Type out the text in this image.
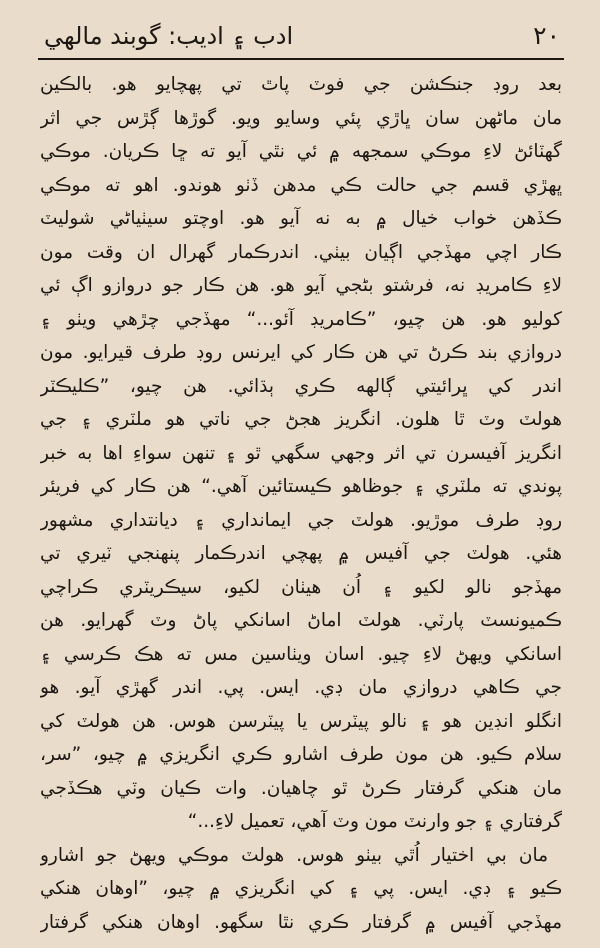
٢٠
ادب ۽ اديب: گوبند مالهي
بعد روڊ جنڪشن جي فوٽ پاٿ تي پهچايو هو. بالڪين
مان ماڻهن سان ڀاڙي پئي وسايو ويو. گوڙها ڳڙس جي اثر
گهٽائڻ لاءِ موڪي سمجهه ۾ ئي نٿي آيو ته ڇا ڪريان. موڪي
ڀهڙي قسم جي حالت ڪي مدهن ڏٺو هوندو. اهو ته موڪي
ڪڏهن خواب خيال ۾ به نه آيو هو. اوچتو سيٺياڻي شوليٽ
ڪار اچي مهڏجي اڳيان بيٺي. اندرڪمار گهرال ان وقت مون
لاءِ ڪامريڊ نه، فرشتو بڻجي آيو هو. هن ڪار جو دروازو اڳ ئي
کوليو هو. هن چيو، ”ڪامريڊ آئو...“ مهڏجي چڙهي ويٺو ۽
دروازي بند ڪرڻ تي هن ڪار کي ايرنس روڊ طرف قيرايو. مون
اندر کي ڀرائيتي ڳالهه ڪري ٻڌائي. هن چيو، ”ڪليڪٽر
هولٽ وٽ ٿا هلون. انگريز هجڻ جي ناتي هو ملٽري ۽ جي
انگريز آفيسرن تي اثر وجهي سگهي ٿو ۽ تنهن سواءِ اها به خبر
پوندي ته ملٽري ۽ جوظاهو ڪيستائين آهي.“ هن ڪار کي فريئر
روڊ طرف موڙيو. هولٽ جي ايمانداري ۽ ديانتداري مشهور
هئي. هولٽ جي آفيس ۾ پهچي اندرڪمار پنهنجي ٽيري تي
مهڏجو نالو لکيو ۽ اُن هيٺان لکيو، سيڪريٽري ڪراچي
ڪميونسٽ پارٽي. هولٽ اماڻ اسانکي پاڻ وٽ گهرايو. هن
اسانکي ويهڻ لاءِ چيو. اسان ويٺاسين مس ته هڪ ڪرسي ۽
جي ڪاهي دروازي مان ڊي. ايس. پي. اندر گهڙي آيو. هو
انگلو انڊين هو ۽ نالو پيٽرس يا پيٽرسن هوس. هن هولٽ کي
سلام ڪيو. هن مون طرف اشارو ڪري انگريزي ۾ چيو، ”سر،
مان هنکي گرفتار ڪرڻ ٿو چاهيان. وات ڪيان وٽي هڪڏجي
گرفتاري ۽ جو وارنٽ مون وٽ آهي، تعميل لاءِ...“
مان بي اختيار اُٿي بيٺو هوس. هولٽ موڪي ويهڻ جو اشارو
ڪيو ۽ ڊي. ايس. پي ۽ کي انگريزي ۾ چيو، ”اوهان هنکي
مهڏجي آفيس ۾ گرفتار ڪري نٿا سگهو. اوهان هنکي گرفتار
